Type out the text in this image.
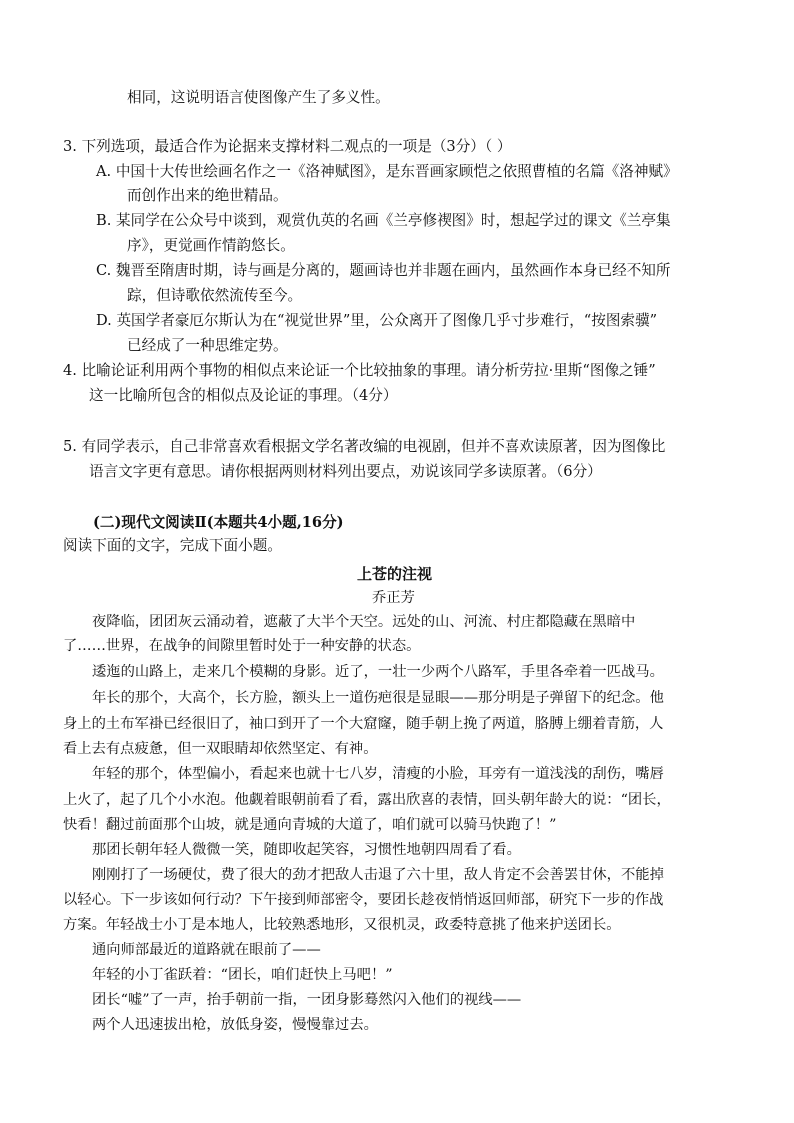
相同，这说明语言使图像产生了多义性。
3. 下列选项，最适合作为论据来支撑材料二观点的一项是（3分）（ ）
A. 中国十大传世绘画名作之一《洛神赋图》，是东晋画家顾恺之依照曹植的名篇《洛神赋》
而创作出来的绝世精品。
B. 某同学在公众号中谈到，观赏仇英的名画《兰亭修禊图》时，想起学过的课文《兰亭集
序》，更觉画作情韵悠长。
C. 魏晋至隋唐时期，诗与画是分离的，题画诗也并非题在画内，虽然画作本身已经不知所
踪，但诗歌依然流传至今。
D. 英国学者豪厄尔斯认为在“视觉世界”里，公众离开了图像几乎寸步难行，“按图索骥”
已经成了一种思维定势。
4. 比喻论证利用两个事物的相似点来论证一个比较抽象的事理。请分析劳拉·里斯“图像之锤”
这一比喻所包含的相似点及论证的事理。（4分）
5. 有同学表示，自己非常喜欢看根据文学名著改编的电视剧，但并不喜欢读原著，因为图像比
语言文字更有意思。请你根据两则材料列出要点，劝说该同学多读原著。（6分）
(二)现代文阅读Ⅱ(本题共4小题,16分)
阅读下面的文字，完成下面小题。
上苍的注视
乔正芳
夜降临，团团灰云涌动着，遮蔽了大半个天空。远处的山、河流、村庄都隐藏在黑暗中
了……世界，在战争的间隙里暂时处于一种安静的状态。
逶迤的山路上，走来几个模糊的身影。近了，一壮一少两个八路军，手里各牵着一匹战马。
年长的那个，大高个，长方脸，额头上一道伤疤很是显眼——那分明是子弹留下的纪念。他
身上的土布军褂已经很旧了，袖口到开了一个大窟窿，随手朝上挽了两道，胳膊上绷着青筋，人
看上去有点疲惫，但一双眼睛却依然坚定、有神。
年轻的那个，体型偏小，看起来也就十七八岁，清瘦的小脸，耳旁有一道浅浅的刮伤，嘴唇
上火了，起了几个小水泡。他觑着眼朝前看了看，露出欣喜的表情，回头朝年龄大的说：“团长，
快看！翻过前面那个山坡，就是通向青城的大道了，咱们就可以骑马快跑了！”
那团长朝年轻人微微一笑，随即收起笑容，习惯性地朝四周看了看。
刚刚打了一场硬仗，费了很大的劲才把敌人击退了六十里，敌人肯定不会善罢甘休，不能掉
以轻心。下一步该如何行动？下午接到师部密令，要团长趁夜悄悄返回师部，研究下一步的作战
方案。年轻战士小丁是本地人，比较熟悉地形，又很机灵，政委特意挑了他来护送团长。
通向师部最近的道路就在眼前了——
年轻的小丁雀跃着：“团长，咱们赶快上马吧！”
团长“嘘”了一声，抬手朝前一指，一团身影蓦然闪入他们的视线——
两个人迅速拔出枪，放低身姿，慢慢靠过去。
